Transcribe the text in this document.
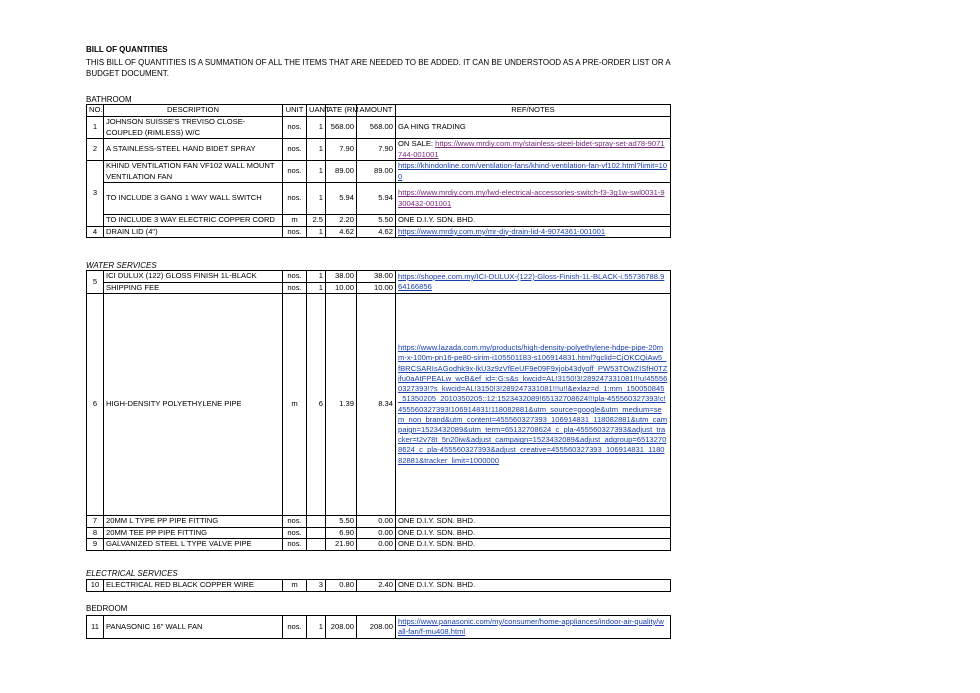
BILL OF QUANTITIES
THIS BILL OF QUANTITIES IS A SUMMATION OF ALL THE ITEMS THAT ARE NEEDED TO BE ADDED. IT CAN BE UNDERSTOOD AS A PRE-ORDER LIST OR A BUDGET DOCUMENT.
BATHROOM
NO.	DESCRIPTION	UNIT	UANT	ATE (RM	AMOUNT	REF/NOTES
1	JOHNSON SUISSE'S TREVISO CLOSE-COUPLED (RIMLESS) W/C	nos.	1	568.00	568.00	GA HING TRADING
2	A STAINLESS-STEEL HAND BIDET SPRAY	nos.	1	7.90	7.90	ON SALE: https://www.mrdiy.com.my/stainless-steel-bidet-spray-set-ad78-9071744-001001
3	KHIND VENTILATION FAN VF102 WALL MOUNT VENTILATION FAN	nos.	1	89.00	89.00	https://khindonline.com/ventilation-fans/khind-ventilation-fan-vf102.html?limit=100
	TO INCLUDE 3 GANG 1 WAY WALL SWITCH	nos.	1	5.94	5.94	https://www.mrdiy.com.my/lwd-electrical-accessories-switch-f3-3g1w-swl0031-9300432-001001
	TO INCLUDE 3 WAY ELECTRIC COPPER CORD	m	2.5	2.20	5.50	ONE D.I.Y. SDN. BHD.
4	DRAIN LID (4")	nos.	1	4.62	4.62	https://www.mrdiy.com.my/mr-diy-drain-lid-4-9074361-001001
WATER SERVICES
5	ICI DULUX (122) GLOSS FINISH 1L-BLACK	nos.	1	38.00	38.00	https://shopee.com.my/ICI-DULUX-(122)-Gloss-Finish-1L-BLACK-i.55736788.964166856
	SHIPPING FEE	nos.	1	10.00	10.00	
6	HIGH-DENSITY POLYETHYLENE PIPE	m	6	1.39	8.34	https://www.lazada.com.my/products/high-density-polyethylene-hdpe-pipe-20mm-x-100m-pn16-pe80-sirim-i105501183-s106914831.html?gclid=CjOKCQiAw5_fBRCSARIsAGodhk9x-lkU3z9zVfEeUF9e09F9xjob43dyoff_PW53TOwZISfH0TZifu0aAtFPEALw_wcB&ef_id=:G:s&s_kwcid=AL!3150!3!289247331081!!!u!455560327393!?s_kwcid=AL!3150!3!289247331081!!!u!!&exlaz=d_1:mm_150050845_51350205_2010350205::12:1523432089!65132708624!!!pla-455560327393!c!455560327393!106914831!118082881&utm_source=google&utm_medium=sem_non_brand&utm_content=455560327393_106914831_118082881&utm_campaign=1523432089&utm_term=65132708624_c_pla-455560327393&adjust_tracker=t2v78t_5n20iw&adjust_campaign=1523432089&adjust_adgroup=65132708624_c_pla-455560327393&adjust_creative=455560327393_106914831_118082881&tracker_limit=1000000
7	20MM L TYPE PP PIPE FITTING	nos.		5.50	0.00	ONE D.I.Y. SDN. BHD.
8	20MM TEE PP PIPE FITTING	nos.		6.90	0.00	ONE D.I.Y. SDN. BHD.
9	GALVANIZED STEEL L TYPE VALVE PIPE	nos.		21.90	0.00	ONE D.I.Y. SDN. BHD.
ELECTRICAL SERVICES
10	ELECTRICAL RED BLACK COPPER WIRE	m	3	0.80	2.40	ONE D.I.Y. SDN. BHD.
BEDROOM
11	PANASONIC 16" WALL FAN	nos.	1	208.00	208.00	https://www.panasonic.com/my/consumer/home-appliances/indoor-air-quality/wall-fan/f-mu408.html
